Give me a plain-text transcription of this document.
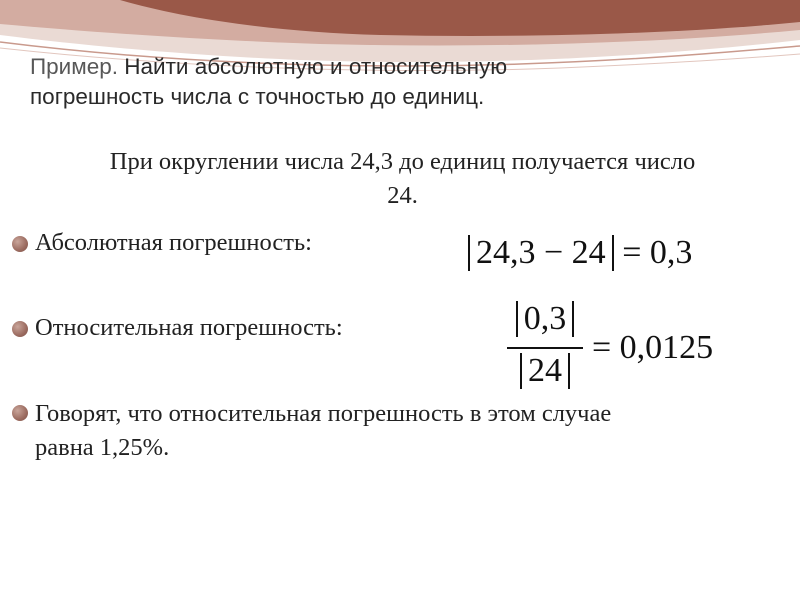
Пример. Найти абсолютную и относительную
погрешность числа с точностью до единиц.
При округлении числа 24,3 до единиц получается число
24.
Абсолютная погрешность:	24,3 − 24 = 0,3
Относительная погрешность:	0,3
24
= 0,0125
Говорят, что относительная погрешность в этом случае
равна 1,25%.
